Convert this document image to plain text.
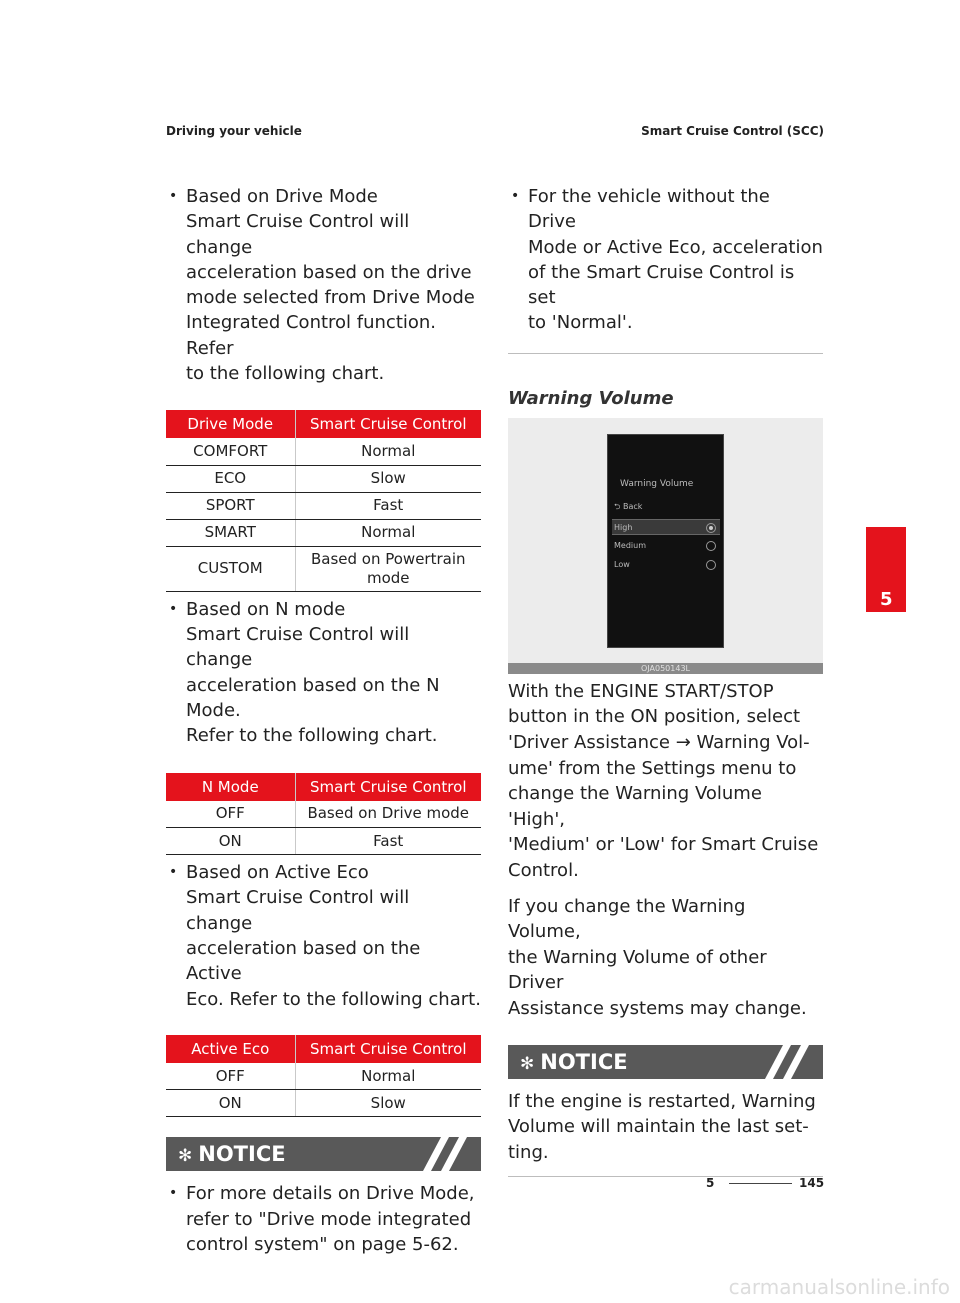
Driving your vehicle	Smart Cruise Control (SCC)
• Based on Drive Mode
Smart Cruise Control will change
acceleration based on the drive
mode selected from Drive Mode
Integrated Control function. Refer
to the following chart.
Drive Mode	Smart Cruise Control
COMFORT	Normal
ECO	Slow
SPORT	Fast
SMART	Normal
CUSTOM	Based on Powertrain mode
• Based on N mode
Smart Cruise Control will change
acceleration based on the N Mode.
Refer to the following chart.
N Mode	Smart Cruise Control
OFF	Based on Drive mode
ON	Fast
• Based on Active Eco
Smart Cruise Control will change
acceleration based on the Active
Eco. Refer to the following chart.
Active Eco	Smart Cruise Control
OFF	Normal
ON	Slow
✻ NOTICE
• For more details on Drive Mode,
refer to "Drive mode integrated
control system" on page 5-62.
• For the vehicle without the Drive
Mode or Active Eco, acceleration
of the Smart Cruise Control is set
to 'Normal'.
Warning Volume
Warning Volume
⮌ Back
High
Medium
Low
OJA050143L
With the ENGINE START/STOP
button in the ON position, select
'Driver Assistance → Warning Vol-
ume' from the Settings menu to
change the Warning Volume 'High',
'Medium' or 'Low' for Smart Cruise
Control.
If you change the Warning Volume,
the Warning Volume of other Driver
Assistance systems may change.
✻ NOTICE
If the engine is restarted, Warning
Volume will maintain the last set-
ting.
5
5	145
carmanualsonline.info
